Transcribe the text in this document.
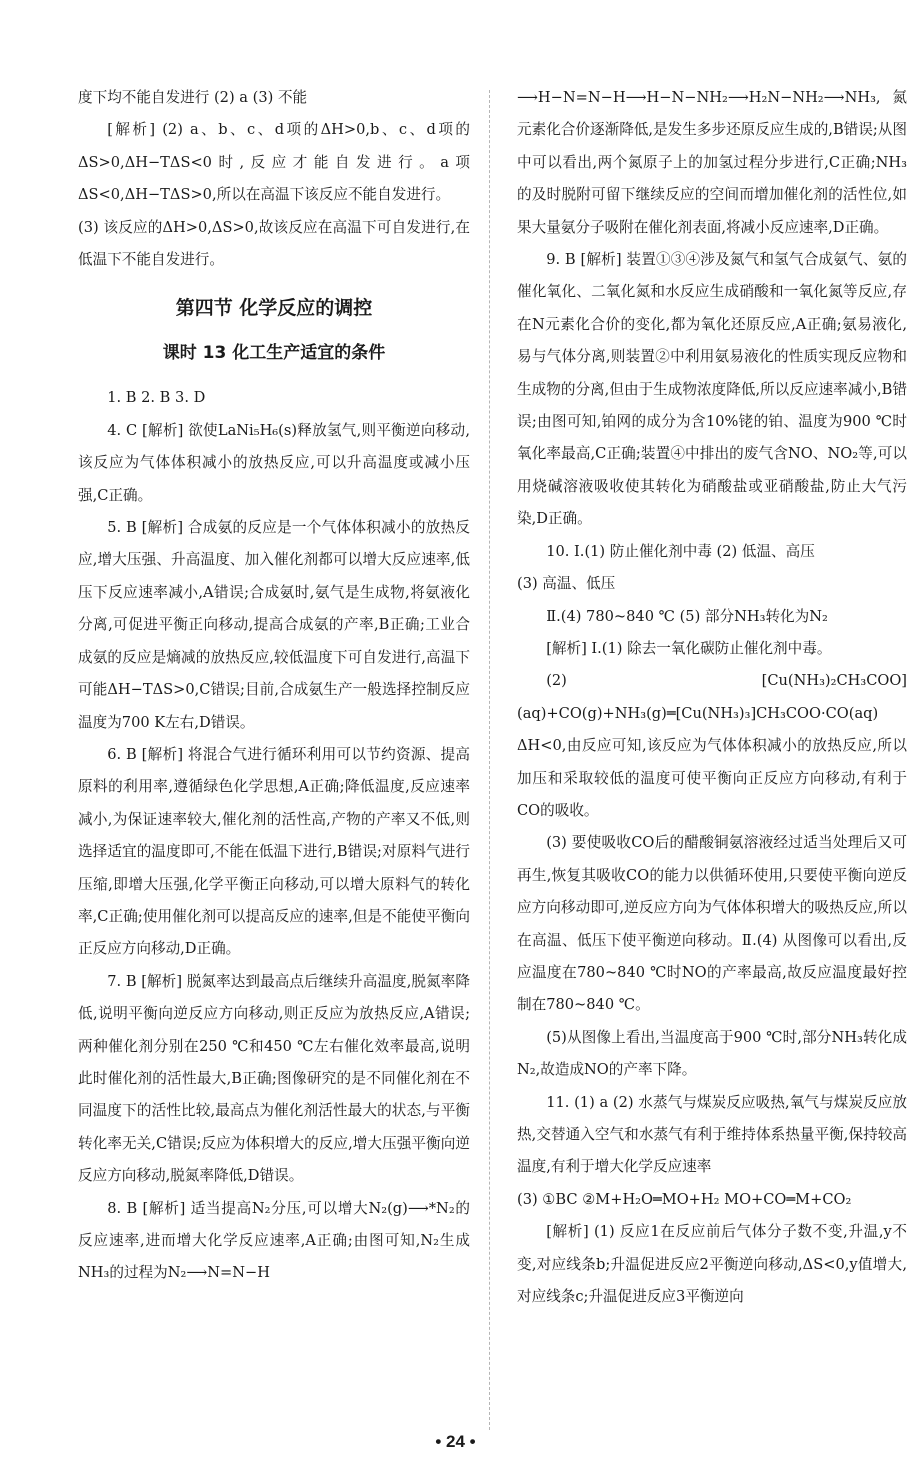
度下均不能自发进行 (2) a (3) 不能

[解析] (2) a、b、c、d项的ΔH>0,b、c、d项的ΔS>0,ΔH−TΔS<0时,反应才能自发进行。a项ΔS<0,ΔH−TΔS>0,所以在高温下该反应不能自发进行。

(3) 该反应的ΔH>0,ΔS>0,故该反应在高温下可自发进行,在低温下不能自发进行。

第四节 化学反应的调控
课时 13 化工生产适宜的条件

1. B 2. B 3. D

4. C [解析] 欲使LaNi₅H₆(s)释放氢气,则平衡逆向移动,该反应为气体体积减小的放热反应,可以升高温度或减小压强,C正确。

5. B [解析] 合成氨的反应是一个气体体积减小的放热反应,增大压强、升高温度、加入催化剂都可以增大反应速率,低压下反应速率减小,A错误;合成氨时,氨气是生成物,将氨液化分离,可促进平衡正向移动,提高合成氨的产率,B正确;工业合成氨的反应是熵减的放热反应,较低温度下可自发进行,高温下可能ΔH−TΔS>0,C错误;目前,合成氨生产一般选择控制反应温度为700 K左右,D错误。

6. B [解析] 将混合气进行循环利用可以节约资源、提高原料的利用率,遵循绿色化学思想,A正确;降低温度,反应速率减小,为保证速率较大,催化剂的活性高,产物的产率又不低,则选择适宜的温度即可,不能在低温下进行,B错误;对原料气进行压缩,即增大压强,化学平衡正向移动,可以增大原料气的转化率,C正确;使用催化剂可以提高反应的速率,但是不能使平衡向正反应方向移动,D正确。

7. B [解析] 脱氮率达到最高点后继续升高温度,脱氮率降低,说明平衡向逆反应方向移动,则正反应为放热反应,A错误;两种催化剂分别在250 ℃和450 ℃左右催化效率最高,说明此时催化剂的活性最大,B正确;图像研究的是不同催化剂在不同温度下的活性比较,最高点为催化剂活性最大的状态,与平衡转化率无关,C错误;反应为体积增大的反应,增大压强平衡向逆反应方向移动,脱氮率降低,D错误。

8. B [解析] 适当提高N₂分压,可以增大N₂(g)⟶*N₂的反应速率,进而增大化学反应速率,A正确;由图可知,N₂生成NH₃的过程为N₂⟶N=N−H

⟶H−N=N−H⟶H−N−NH₂⟶H₂N−NH₂⟶NH₃,氮元素化合价逐渐降低,是发生多步还原反应生成的,B错误;从图中可以看出,两个氮原子上的加氢过程分步进行,C正确;NH₃的及时脱附可留下继续反应的空间而增加催化剂的活性位,如果大量氨分子吸附在催化剂表面,将减小反应速率,D正确。

9. B [解析] 装置①③④涉及氮气和氢气合成氨气、氨的催化氧化、二氧化氮和水反应生成硝酸和一氧化氮等反应,存在N元素化合价的变化,都为氧化还原反应,A正确;氨易液化,易与气体分离,则装置②中利用氨易液化的性质实现反应物和生成物的分离,但由于生成物浓度降低,所以反应速率减小,B错误;由图可知,铂网的成分为含10%铑的铂、温度为900 ℃时氧化率最高,C正确;装置④中排出的废气含NO、NO₂等,可以用烧碱溶液吸收使其转化为硝酸盐或亚硝酸盐,防止大气污染,D正确。

10. Ⅰ.(1) 防止催化剂中毒 (2) 低温、高压

(3) 高温、低压

Ⅱ.(4) 780~840 ℃ (5) 部分NH₃转化为N₂

[解析] Ⅰ.(1) 除去一氧化碳防止催化剂中毒。

(2) [Cu(NH₃)₂CH₃COO](aq)+CO(g)+NH₃(g)═[Cu(NH₃)₃]CH₃COO·CO(aq) ΔH<0,由反应可知,该反应为气体体积减小的放热反应,所以加压和采取较低的温度可使平衡向正反应方向移动,有利于CO的吸收。

(3) 要使吸收CO后的醋酸铜氨溶液经过适当处理后又可再生,恢复其吸收CO的能力以供循环使用,只要使平衡向逆反应方向移动即可,逆反应方向为气体体积增大的吸热反应,所以在高温、低压下使平衡逆向移动。Ⅱ.(4) 从图像可以看出,反应温度在780~840 ℃时NO的产率最高,故反应温度最好控制在780~840 ℃。

(5)从图像上看出,当温度高于900 ℃时,部分NH₃转化成N₂,故造成NO的产率下降。

11. (1) a (2) 水蒸气与煤炭反应吸热,氧气与煤炭反应放热,交替通入空气和水蒸气有利于维持体系热量平衡,保持较高温度,有利于增大化学反应速率

(3) ①BC ②M+H₂O═MO+H₂ MO+CO═M+CO₂

[解析] (1) 反应1在反应前后气体分子数不变,升温,y不变,对应线条b;升温促进反应2平衡逆向移动,ΔS<0,y值增大,对应线条c;升温促进反应3平衡逆向

• 24 •
